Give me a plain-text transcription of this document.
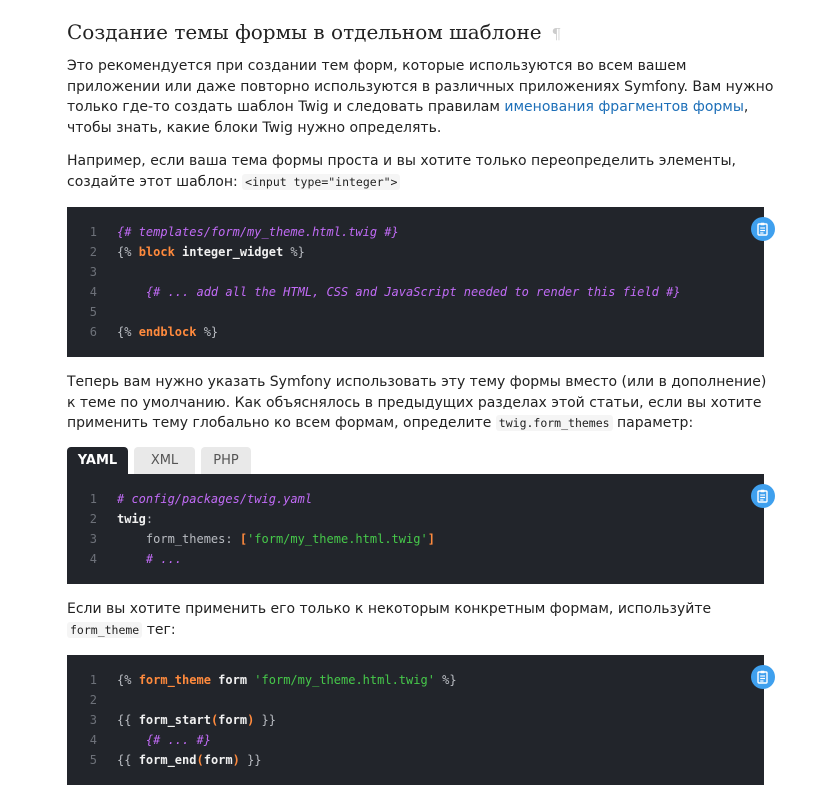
Создание темы формы в отдельном шаблоне ¶

Это рекомендуется при создании тем форм, которые используются во всем вашем приложении или даже повторно используются в различных приложениях Symfony. Вам нужно только где-то создать шаблон Twig и следовать правилам именования фрагментов формы, чтобы знать, какие блоки Twig нужно определять.

Например, если ваша тема формы проста и вы хотите только переопределить элементы, создайте этот шаблон: <input type="integer">

1 {# templates/form/my_theme.html.twig #}
2 {% block integer_widget %}
3
4	{# ... add all the HTML, CSS and JavaScript needed to render this field #}
5
6 {% endblock %}

Теперь вам нужно указать Symfony использовать эту тему формы вместо (или в дополнение) к теме по умолчанию. Как объяснялось в предыдущих разделах этой статьи, если вы хотите применить тему глобально ко всем формам, определите twig.form_themes параметр:

YAML	XML	PHP
1 # config/packages/twig.yaml
2 twig:
3    form_themes: ['form/my_theme.html.twig']
4	# ...

Если вы хотите применить его только к некоторым конкретным формам, используйте form_theme тег:

1 {% form_theme form 'form/my_theme.html.twig' %}
2
3 {{ form_start(form) }}
4	{# ... #}
5 {{ form_end(form) }}
